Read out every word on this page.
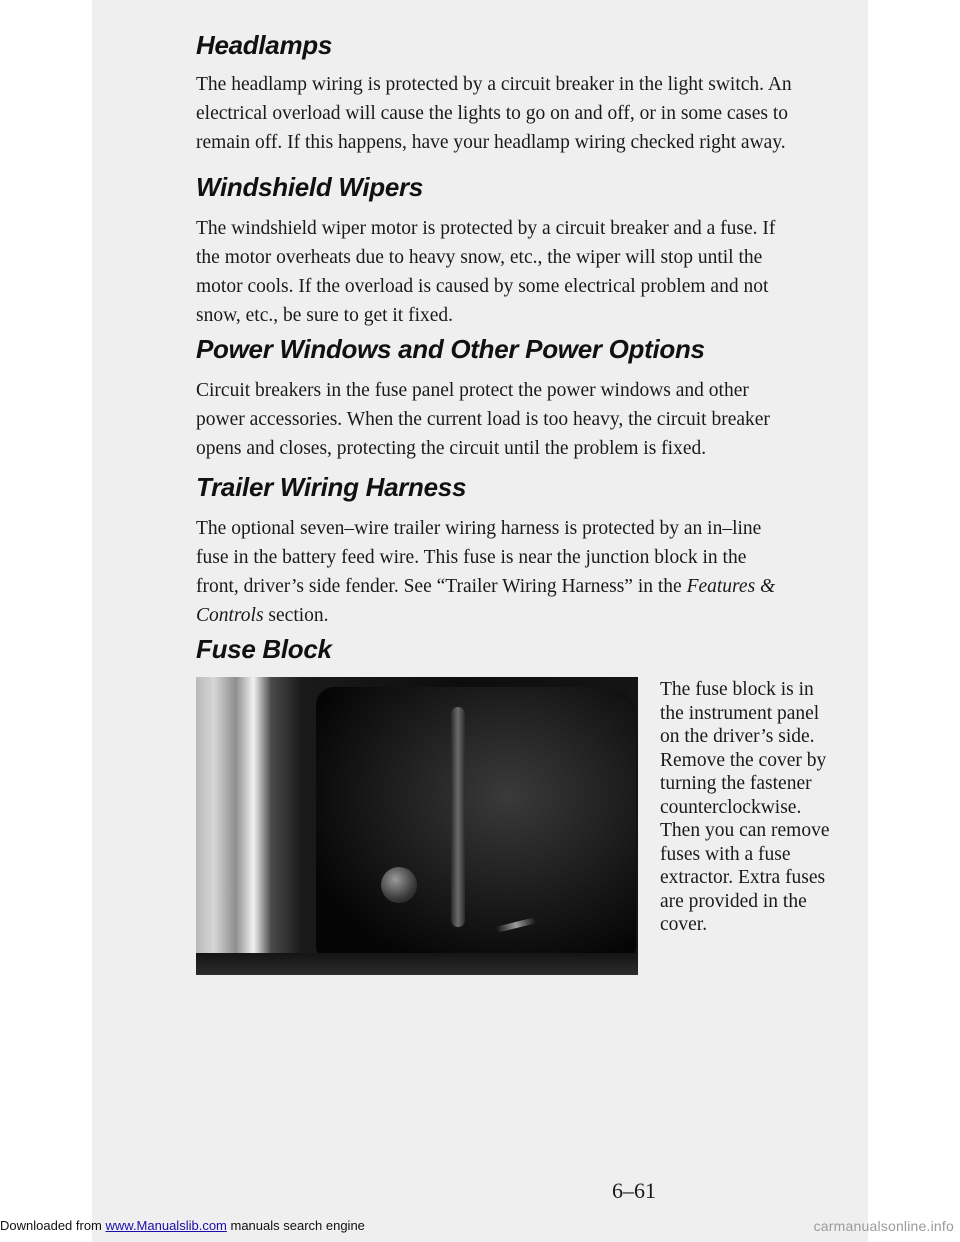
Headlamps

The headlamp wiring is protected by a circuit breaker in the light switch. An
electrical overload will cause the lights to go on and off, or in some cases to
remain off. If this happens, have your headlamp wiring checked right away.

Windshield Wipers

The windshield wiper motor is protected by a circuit breaker and a fuse. If
the motor overheats due to heavy snow, etc., the wiper will stop until the
motor cools. If the overload is caused by some electrical problem and not
snow, etc., be sure to get it fixed.

Power Windows and Other Power Options

Circuit breakers in the fuse panel protect the power windows and other
power accessories. When the current load is too heavy, the circuit breaker
opens and closes, protecting the circuit until the problem is fixed.

Trailer Wiring Harness

The optional seven–wire trailer wiring harness is protected by an in–line
fuse in the battery feed wire. This fuse is near the junction block in the
front, driver’s side fender. See “Trailer Wiring Harness” in the Features &
Controls section.

Fuse Block

The fuse block is in
the instrument panel
on the driver’s side.
Remove the cover by
turning the fastener
counterclockwise.
Then you can remove
fuses with a fuse
extractor. Extra fuses
are provided in the
cover.

6–61

Downloaded from www.Manualslib.com manuals search engine	carmanualsonline.info
